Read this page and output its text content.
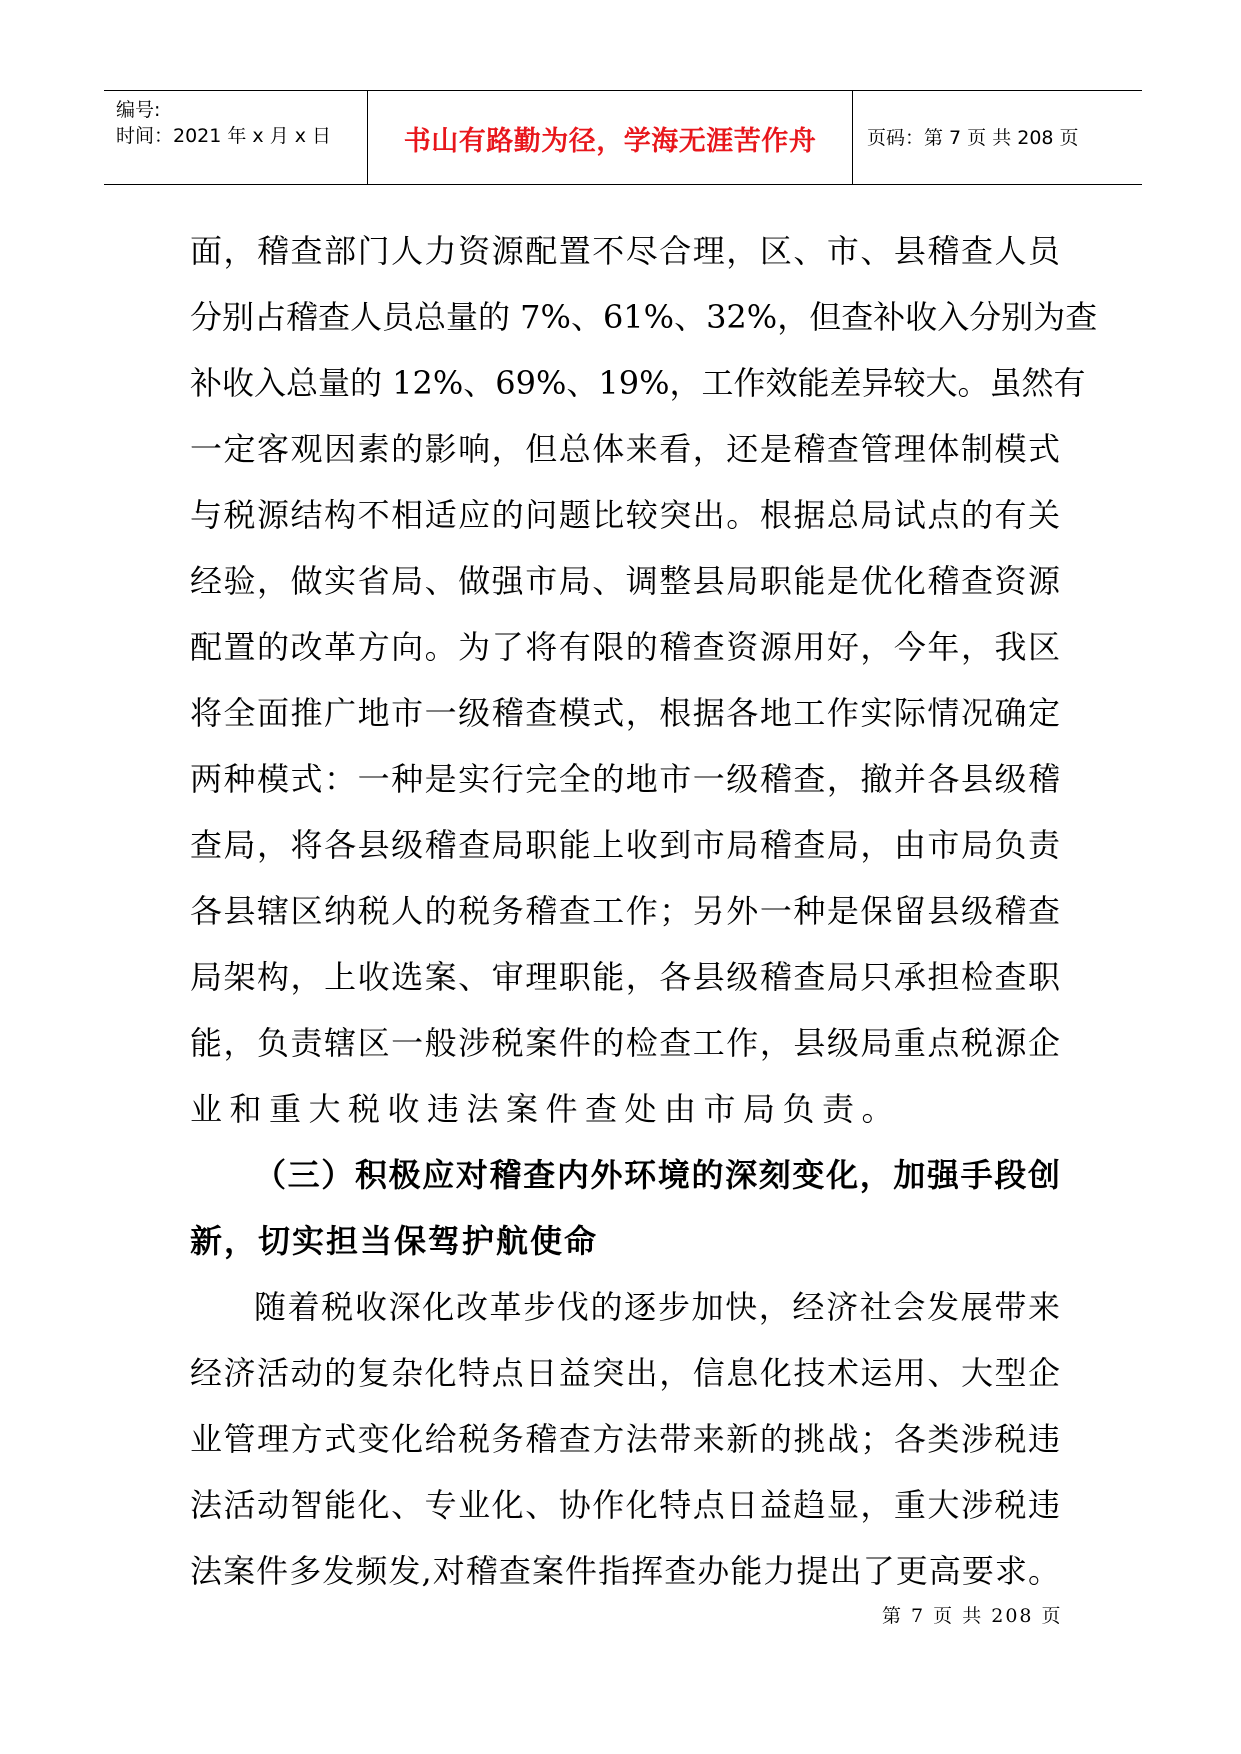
编号:
时间：2021 年 x 月 x 日	书山有路勤为径，学海无涯苦作舟	页码：第 7 页 共 208 页
面，稽查部门人力资源配置不尽合理，区、市、县稽查人员
分别占稽查人员总量的 7%、61%、32%，但查补收入分别为查
补收入总量的 12%、69%、19%，工作效能差异较大。虽然有
一定客观因素的影响，但总体来看，还是稽查管理体制模式
与税源结构不相适应的问题比较突出。根据总局试点的有关
经验，做实省局、做强市局、调整县局职能是优化稽查资源
配置的改革方向。为了将有限的稽查资源用好，今年，我区
将全面推广地市一级稽查模式，根据各地工作实际情况确定
两种模式：一种是实行完全的地市一级稽查，撤并各县级稽
查局，将各县级稽查局职能上收到市局稽查局，由市局负责
各县辖区纳税人的税务稽查工作；另外一种是保留县级稽查
局架构，上收选案、审理职能，各县级稽查局只承担检查职
能，负责辖区一般涉税案件的检查工作，县级局重点税源企
业和重大税收违法案件查处由市局负责。
（三）积极应对稽查内外环境的深刻变化，加强手段创
新，切实担当保驾护航使命
随着税收深化改革步伐的逐步加快，经济社会发展带来
经济活动的复杂化特点日益突出，信息化技术运用、大型企
业管理方式变化给税务稽查方法带来新的挑战；各类涉税违
法活动智能化、专业化、协作化特点日益趋显，重大涉税违
法案件多发频发,对稽查案件指挥查办能力提出了更高要求。
第 7 页 共 208 页
